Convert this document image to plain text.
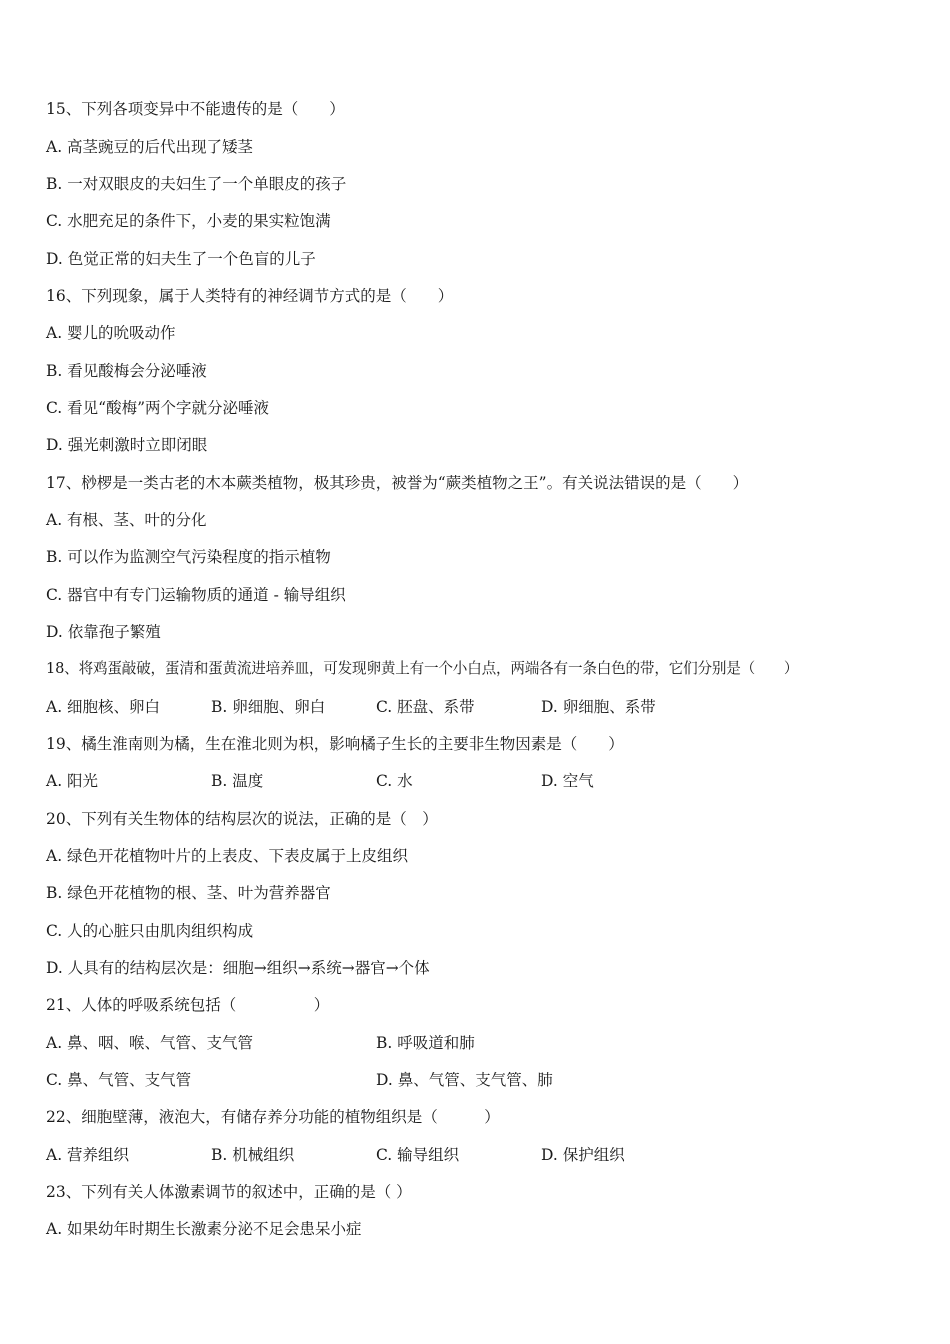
15、下列各项变异中不能遗传的是（　　）
A. 高茎豌豆的后代出现了矮茎
B. 一对双眼皮的夫妇生了一个单眼皮的孩子
C. 水肥充足的条件下，小麦的果实粒饱满
D. 色觉正常的妇夫生了一个色盲的儿子
16、下列现象，属于人类特有的神经调节方式的是（　　）
A. 婴儿的吮吸动作
B. 看见酸梅会分泌唾液
C. 看见“酸梅”两个字就分泌唾液
D. 强光刺激时立即闭眼
17、桫椤是一类古老的木本蕨类植物，极其珍贵，被誉为“蕨类植物之王”。有关说法错误的是（　　）
A. 有根、茎、叶的分化
B. 可以作为监测空气污染程度的指示植物
C. 器官中有专门运输物质的通道 - 输导组织
D. 依靠孢子繁殖
18、将鸡蛋敲破，蛋清和蛋黄流进培养皿，可发现卵黄上有一个小白点，两端各有一条白色的带，它们分别是（　　）
A. 细胞核、卵白	B. 卵细胞、卵白	C. 胚盘、系带	D. 卵细胞、系带
19、橘生淮南则为橘，生在淮北则为枳，影响橘子生长的主要非生物因素是（　　）
A. 阳光	B. 温度	C. 水	D. 空气
20、下列有关生物体的结构层次的说法，正确的是（　）
A. 绿色开花植物叶片的上表皮、下表皮属于上皮组织
B. 绿色开花植物的根、茎、叶为营养器官
C. 人的心脏只由肌肉组织构成
D. 人具有的结构层次是：细胞→组织→系统→器官→个体
21、人体的呼吸系统包括（　　　　　）
A. 鼻、咽、喉、气管、支气管	B. 呼吸道和肺
C. 鼻、气管、支气管	D. 鼻、气管、支气管、肺
22、细胞壁薄，液泡大，有储存养分功能的植物组织是（　　　）
A. 营养组织	B. 机械组织	C. 输导组织	D. 保护组织
23、下列有关人体激素调节的叙述中，正确的是（ ）
A. 如果幼年时期生长激素分泌不足会患呆小症
